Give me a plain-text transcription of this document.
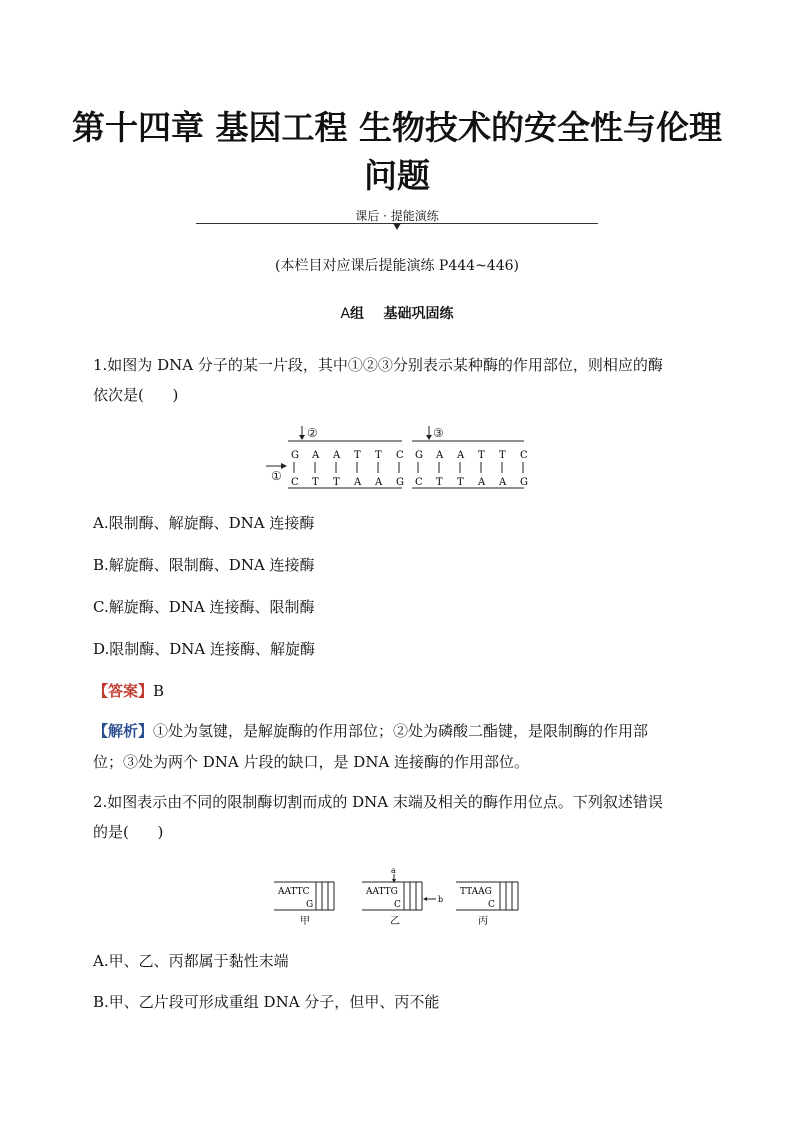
第十四章 基因工程 生物技术的安全性与伦理
问题
课后 · 提能演练
(本栏目对应课后提能演练 P444~446)
A组    基础巩固练
1.如图为 DNA 分子的某一片段，其中①②③分别表示某种酶的作用部位，则相应的酶
依次是(      )
②	③
①
G A A T T C G A A T T C
C T T A A G C T T A A G
A.限制酶、解旋酶、DNA 连接酶
B.解旋酶、限制酶、DNA 连接酶
C.解旋酶、DNA 连接酶、限制酶
D.限制酶、DNA 连接酶、解旋酶
【答案】B
【解析】①处为氢键，是解旋酶的作用部位；②处为磷酸二酯键，是限制酶的作用部
位；③处为两个 DNA 片段的缺口，是 DNA 连接酶的作用部位。
2.如图表示由不同的限制酶切割而成的 DNA 末端及相关的酶作用位点。下列叙述错误
的是(      )
AATTC
G
甲
AATTG
C
乙
a
b
TTAAG
C
丙
A.甲、乙、丙都属于黏性末端
B.甲、乙片段可形成重组 DNA 分子，但甲、丙不能
